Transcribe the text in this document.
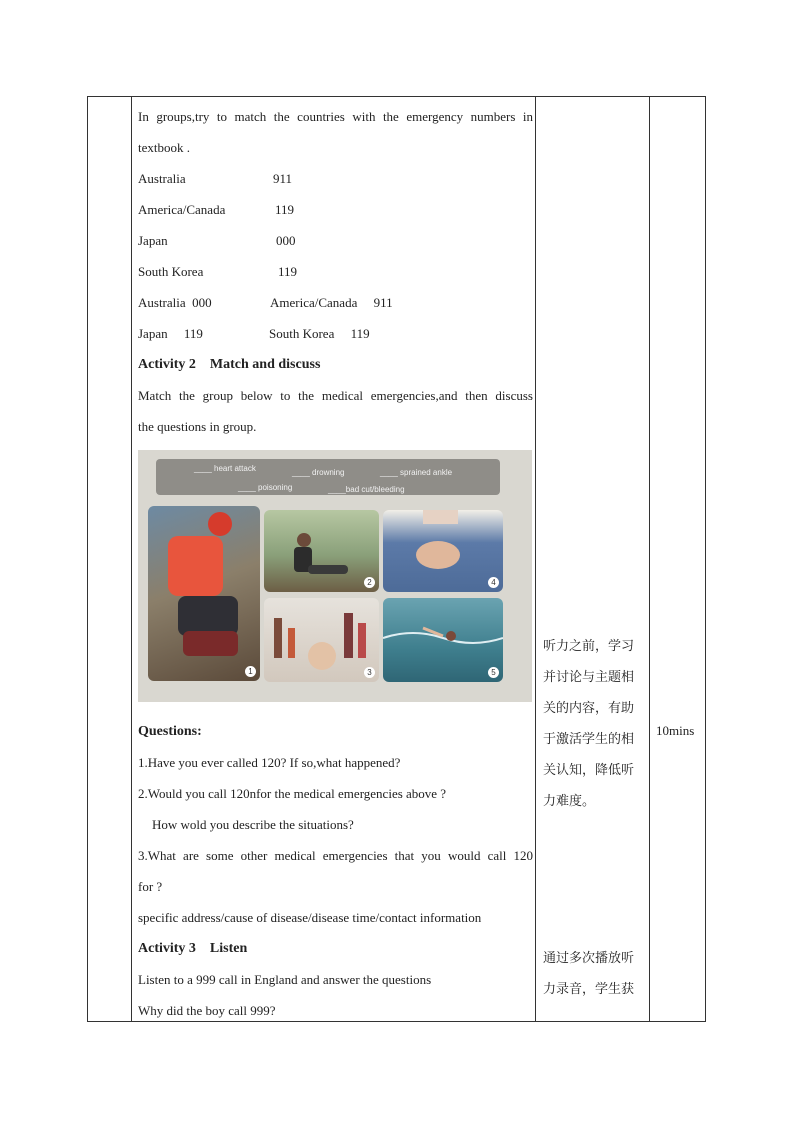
In groups,try to match the countries with the emergency numbers in
textbook .
Australia	911
America/Canada	119
Japan	000
South Korea	119
Australia  000	America/Canada     911
Japan     119	South Korea     119
Activity 2    Match and discuss
Match the group below to the medical emergencies,and then discuss
the questions in group.
____ heart attack	____ drowning	____ sprained ankle
____ poisoning	____bad cut/bleeding
1
2	4
3	5
Questions:
1.Have you ever called 120? If so,what happened?
2.Would you call 120nfor the medical emergencies above ?
How wold you describe the situations?
3.What are some other medical emergencies that you would call 120
for ?
specific address/cause of disease/disease time/contact information
Activity 3    Listen
Listen to a 999 call in England and answer the questions
Why did the boy call 999?
听力之前，学习
并讨论与主题相
关的内容，有助
于激活学生的相
关认知，降低听
力难度。
通过多次播放听
力录音，学生获
10mins
